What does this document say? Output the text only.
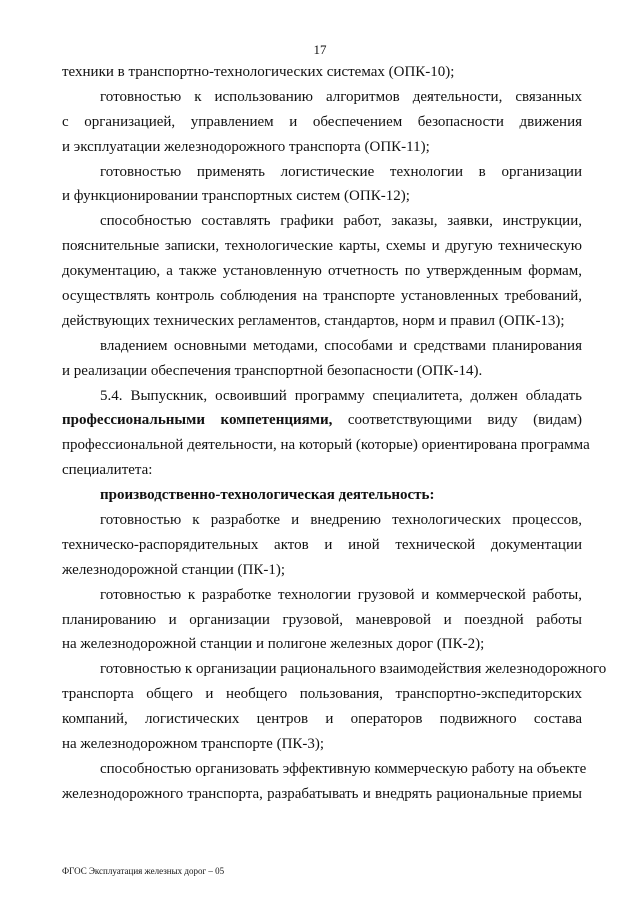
17
техники в транспортно-технологических системах (ОПК-10);
готовностью к использованию алгоритмов деятельности, связанных
с организацией, управлением и обеспечением безопасности движения
и эксплуатации железнодорожного транспорта (ОПК-11);
готовностью применять логистические технологии в организации
и функционировании транспортных систем (ОПК-12);
способностью составлять графики работ, заказы, заявки, инструкции,
пояснительные записки, технологические карты, схемы и другую техническую
документацию, а также установленную отчетность по утвержденным формам,
осуществлять контроль соблюдения на транспорте установленных требований,
действующих технических регламентов, стандартов, норм и правил (ОПК-13);
владением основными методами, способами и средствами планирования
и реализации обеспечения транспортной безопасности (ОПК-14).
5.4. Выпускник, освоивший программу специалитета, должен обладать
профессиональными компетенциями, соответствующими виду (видам)
профессиональной деятельности, на который (которые) ориентирована программа
специалитета:
производственно-технологическая деятельность:
готовностью к разработке и внедрению технологических процессов,
техническо-распорядительных актов и иной технической документации
железнодорожной станции (ПК-1);
готовностью к разработке технологии грузовой и коммерческой работы,
планированию и организации грузовой, маневровой и поездной работы
на железнодорожной станции и полигоне железных дорог (ПК-2);
готовностью к организации рационального взаимодействия железнодорожного
транспорта общего и необщего пользования, транспортно-экспедиторских
компаний, логистических центров и операторов подвижного состава
на железнодорожном транспорте (ПК-3);
способностью организовать эффективную коммерческую работу на объекте
железнодорожного транспорта, разрабатывать и внедрять рациональные приемы
ФГОС Эксплуатация железных дорог – 05
